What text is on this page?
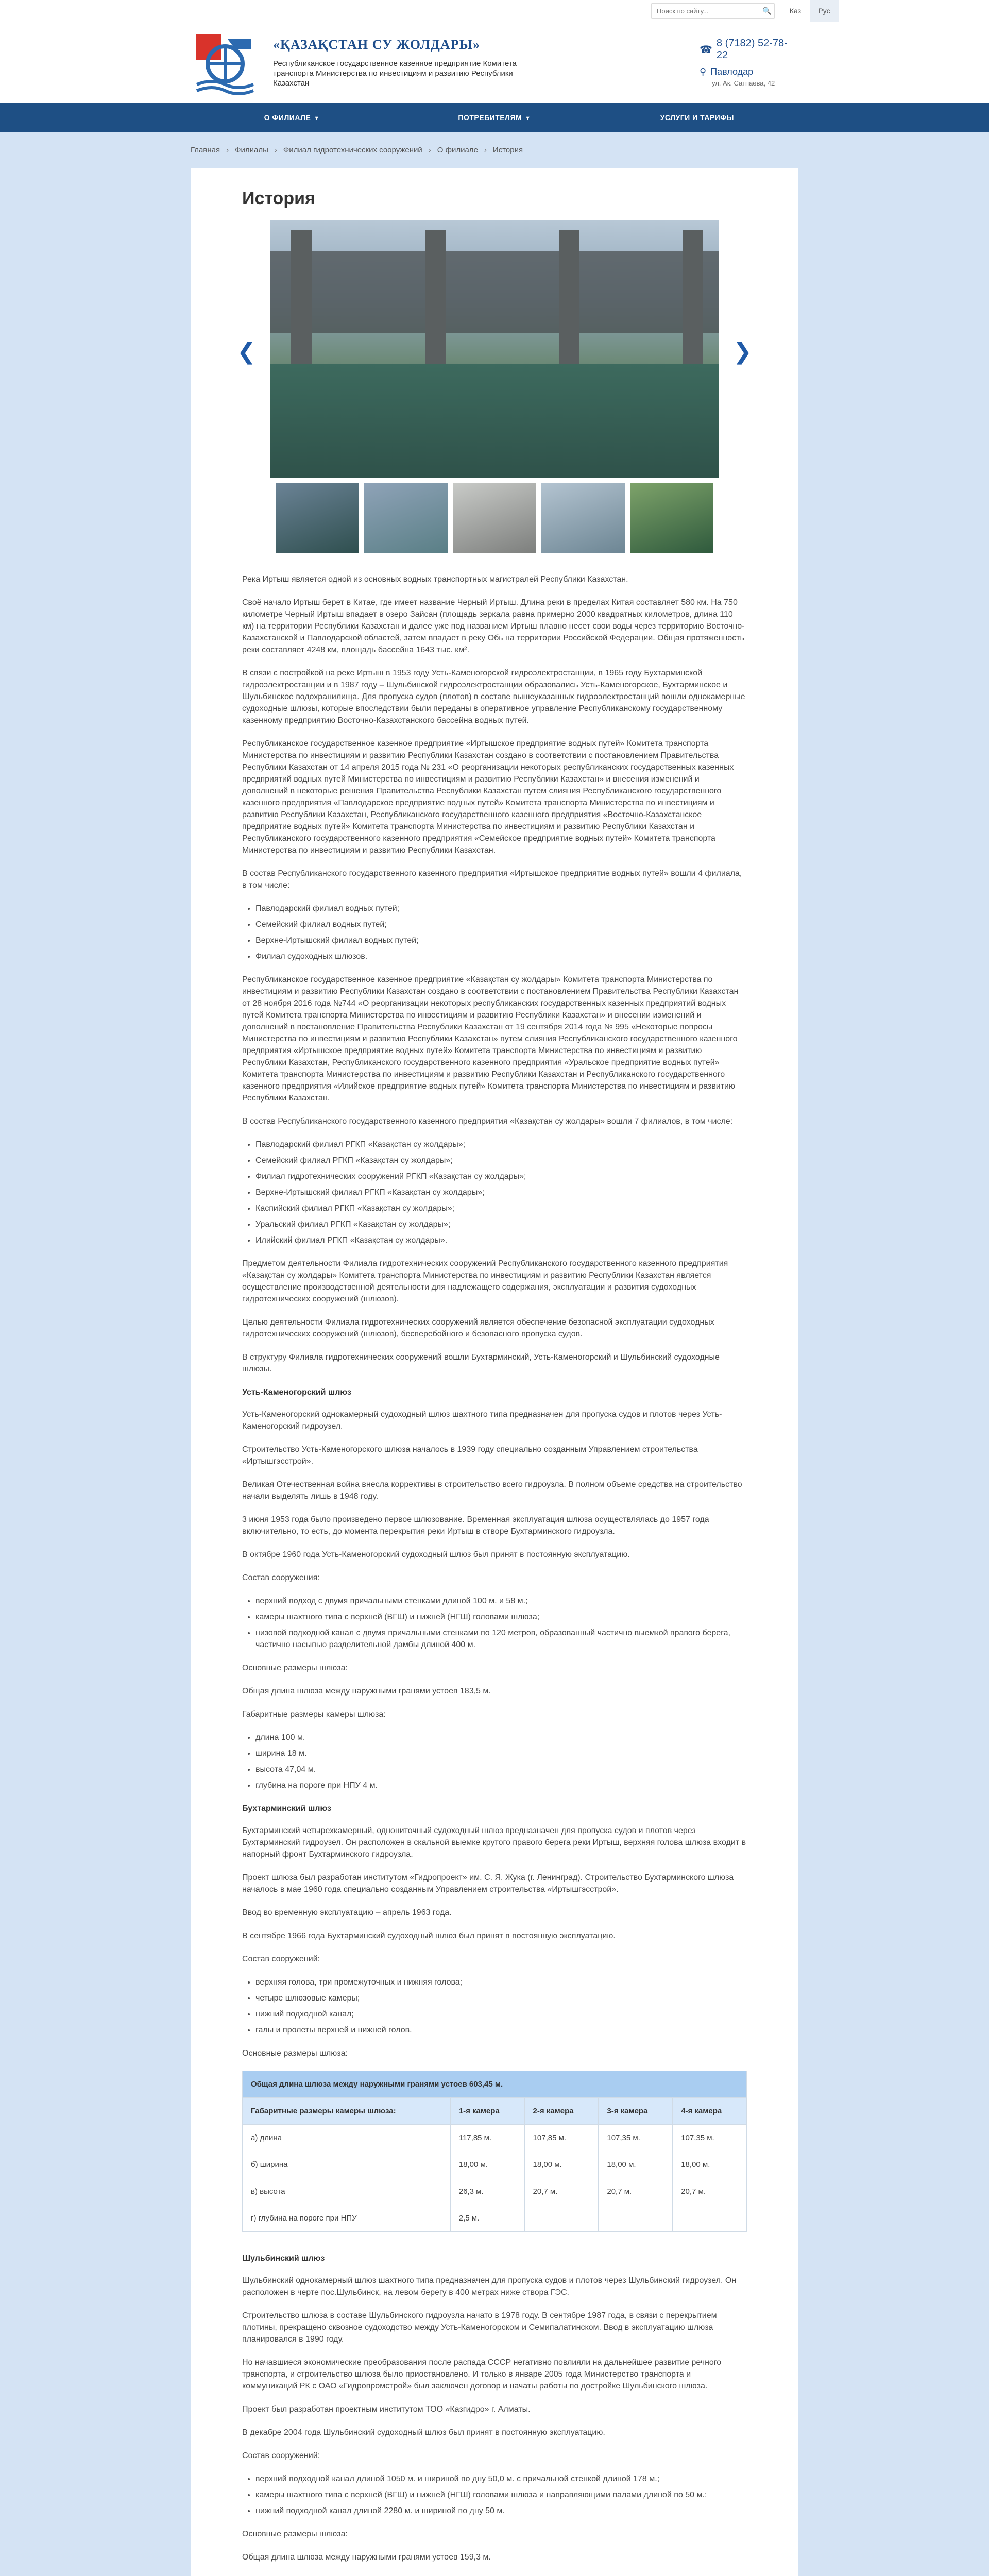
Поиск по сайту...
🔍	Каз	Рус
«ҚАЗАҚСТАН СУ ЖОЛДАРЫ»
Республиканское государственное казенное предприятие Комитета транспорта Министерства по инвестициям и развитию Республики Казахстан
☎
8 (7182) 52-78-22
⚲ Павлодар
ул. Ак. Сатпаева, 42
О ФИЛИАЛЕ ▼	ПОТРЕБИТЕЛЯМ ▼	УСЛУГИ И ТАРИФЫ
Главная › Филиалы › Филиал гидротехнических сооружений › О филиале › История
История
❮	❯

Река Иртыш является одной из основных водных транспортных магистралей Республики Казахстан.

Своё начало Иртыш берет в Китае, где имеет название Черный Иртыш. Длина реки в пределах Китая составляет 580 км. На 750 километре Черный Иртыш впадает в озеро Зайсан (площадь зеркала равна примерно 2000 квадратных километров, длина 110 км) на территории Республики Казахстан и далее уже под названием Иртыш плавно несет свои воды через территорию Восточно-Казахстанской и Павлодарской областей, затем впадает в реку Обь на территории Российской Федерации. Общая протяженность реки составляет 4248 км, площадь бассейна 1643 тыс. км².

В связи с постройкой на реке Иртыш в 1953 году Усть-Каменогорской гидроэлектростанции, в 1965 году Бухтарминской гидроэлектростанции и в 1987 году – Шульбинской гидроэлектростанции образовались Усть-Каменогорское, Бухтарминское и Шульбинское водохранилища. Для пропуска судов (плотов) в составе вышеуказанных гидроэлектростанций вошли однокамерные судоходные шлюзы, которые впоследствии были переданы в оперативное управление Республиканскому государственному казенному предприятию Восточно-Казахстанского бассейна водных путей.

Республиканское государственное казенное предприятие «Иртышское предприятие водных путей» Комитета транспорта Министерства по инвестициям и развитию Республики Казахстан создано в соответствии с постановлением Правительства Республики Казахстан от 14 апреля 2015 года № 231 «О реорганизации некоторых республиканских государственных казенных предприятий водных путей Министерства по инвестициям и развитию Республики Казахстан» и внесения изменений и дополнений в некоторые решения Правительства Республики Казахстан путем слияния Республиканского государственного казенного предприятия «Павлодарское предприятие водных путей» Комитета транспорта Министерства по инвестициям и развитию Республики Казахстан, Республиканского государственного казенного предприятия «Восточно-Казахстанское предприятие водных путей» Комитета транспорта Министерства по инвестициям и развитию Республики Казахстан и Республиканского государственного казенного предприятия «Семейское предприятие водных путей» Комитета транспорта Министерства по инвестициям и развитию Республики Казахстан.

В состав Республиканского государственного казенного предприятия «Иртышское предприятие водных путей» вошли 4 филиала, в том числе:

• Павлодарский филиал водных путей;
• Семейский филиал водных путей;
• Верхне-Иртышский филиал водных путей;
• Филиал судоходных шлюзов.

Республиканское государственное казенное предприятие «Казақстан су жолдары» Комитета транспорта Министерства по инвестициям и развитию Республики Казахстан создано в соответствии с постановлением Правительства Республики Казахстан от 28 ноября 2016 года №744 «О реорганизации некоторых республиканских государственных казенных предприятий водных путей Комитета транспорта Министерства по инвестициям и развитию Республики Казахстан» и внесении изменений и дополнений в постановление Правительства Республики Казахстан от 19 сентября 2014 года № 995 «Некоторые вопросы Министерства по инвестициям и развитию Республики Казахстан» путем слияния Республиканского государственного казенного предприятия «Иртышское предприятие водных путей» Комитета транспорта Министерства по инвестициям и развитию Республики Казахстан, Республиканского государственного казенного предприятия «Уральское предприятие водных путей» Комитета транспорта Министерства по инвестициям и развитию Республики Казахстан и Республиканского государственного казенного предприятия «Илийское предприятие водных путей» Комитета транспорта Министерства по инвестициям и развитию Республики Казахстан.

В состав Республиканского государственного казенного предприятия «Казақстан су жолдары» вошли 7 филиалов, в том числе:

• Павлодарский филиал РГКП «Казақстан су жолдары»;
• Семейский филиал РГКП «Казақстан су жолдары»;
• Филиал гидротехнических сооружений РГКП «Казақстан су жолдары»;
• Верхне-Иртышский филиал РГКП «Казақстан су жолдары»;
• Каспийский филиал РГКП «Казақстан су жолдары»;
• Уральский филиал РГКП «Казақстан су жолдары»;
• Илийский филиал РГКП «Казақстан су жолдары».

Предметом деятельности Филиала гидротехнических сооружений Республиканского государственного казенного предприятия «Казақстан су жолдары» Комитета транспорта Министерства по инвестициям и развитию Республики Казахстан является осуществление производственной деятельности для надлежащего содержания, эксплуатации и развития судоходных гидротехнических сооружений (шлюзов).

Целью деятельности Филиала гидротехнических сооружений является обеспечение безопасной эксплуатации судоходных гидротехнических сооружений (шлюзов), бесперебойного и безопасного пропуска судов.

В структуру Филиала гидротехнических сооружений вошли Бухтарминский, Усть-Каменогорский и Шульбинский судоходные шлюзы.

Усть-Каменогорский шлюз

Усть-Каменогорский однокамерный судоходный шлюз шахтного типа предназначен для пропуска судов и плотов через Усть-Каменогорский гидроузел.

Строительство Усть-Каменогорского шлюза началось в 1939 году специально созданным Управлением строительства «Иртышгэсстрой».

Великая Отечественная война внесла коррективы в строительство всего гидроузла. В полном объеме средства на строительство начали выделять лишь в 1948 году.

3 июня 1953 года было произведено первое шлюзование. Временная эксплуатация шлюза осуществлялась до 1957 года включительно, то есть, до момента перекрытия реки Иртыш в створе Бухтарминского гидроузла.

В октябре 1960 года Усть-Каменогорский судоходный шлюз был принят в постоянную эксплуатацию.

Состав сооружения:

• верхний подход с двумя причальными стенками длиной 100 м. и 58 м.;
• камеры шахтного типа с верхней (ВГШ) и нижней (НГШ) головами шлюза;
• низовой подходной канал с двумя причальными стенками по 120 метров, образованный частично выемкой правого берега, частично насыпью разделительной дамбы длиной 400 м.

Основные размеры шлюза:

Общая длина шлюза между наружными гранями устоев 183,5 м.

Габаритные размеры камеры шлюза:

• длина 100 м.
• ширина 18 м.
• высота 47,04 м.
• глубина на пороге при НПУ 4 м.
Бухтарминский шлюз

Бухтарминский четырехкамерный, однониточный судоходный шлюз предназначен для пропуска судов и плотов через Бухтарминский гидроузел. Он расположен в скальной выемке крутого правого берега реки Иртыш, верхняя голова шлюза входит в напорный фронт Бухтарминского гидроузла.

Проект шлюза был разработан институтом «Гидропроект» им. С. Я. Жука (г. Ленинград). Строительство Бухтарминского шлюза началось в мае 1960 года специально созданным Управлением строительства «Иртышгэсстрой».

Ввод во временную эксплуатацию – апрель 1963 года.

В сентябре 1966 года Бухтарминский судоходный шлюз был принят в постоянную эксплуатацию.

Состав сооружений:

• верхняя голова, три промежуточных и нижняя голова;
• четыре шлюзовые камеры;
• нижний подходной канал;
• галы и пролеты верхней и нижней голов.

Основные размеры шлюза:

Общая длина шлюза между наружными гранями устоев 603,45 м.				
Габаритные размеры камеры шлюза:	1-я камера	2-я камера	3-я камера	4-я камера
а) длина	117,85 м.	107,85 м.	107,35 м.	107,35 м.
б) ширина	18,00 м.	18,00 м.	18,00 м.	18,00 м.
в) высота	26,3 м.	20,7 м.	20,7 м.	20,7 м.
г) глубина на пороге при НПУ	2,5 м.			
Шульбинский шлюз

Шульбинский однокамерный шлюз шахтного типа предназначен для пропуска судов и плотов через Шульбинский гидроузел. Он расположен в черте пос.Шульбинск, на левом берегу в 400 метрах ниже створа ГЭС.

Строительство шлюза в составе Шульбинского гидроузла начато в 1978 году. В сентябре 1987 года, в связи с перекрытием плотины, прекращено сквозное судоходство между Усть-Каменогорском и Семипалатинском. Ввод в эксплуатацию шлюза планировался в 1990 году.

Но начавшиеся экономические преобразования после распада СССР негативно повлияли на дальнейшее развитие речного транспорта, и строительство шлюза было приостановлено. И только в январе 2005 года Министерство транспорта и коммуникаций РК с ОАО «Гидропромстрой» был заключен договор и начаты работы по достройке Шульбинского шлюза.

Проект был разработан проектным институтом ТОО «Казгидро» г. Алматы.

В декабре 2004 года Шульбинский судоходный шлюз был принят в постоянную эксплуатацию.

Состав сооружений:

• верхний подходной канал длиной 1050 м. и шириной по дну 50,0 м. с причальной стенкой длиной 178 м.;
• камеры шахтного типа с верхней (ВГШ) и нижней (НГШ) головами шлюза и направляющими палами длиной по 50 м.;
• нижний подходной канал длиной 2280 м. и шириной по дну 50 м.

Основные размеры шлюза:

Общая длина шлюза между наружными гранями устоев 159,3 м.
